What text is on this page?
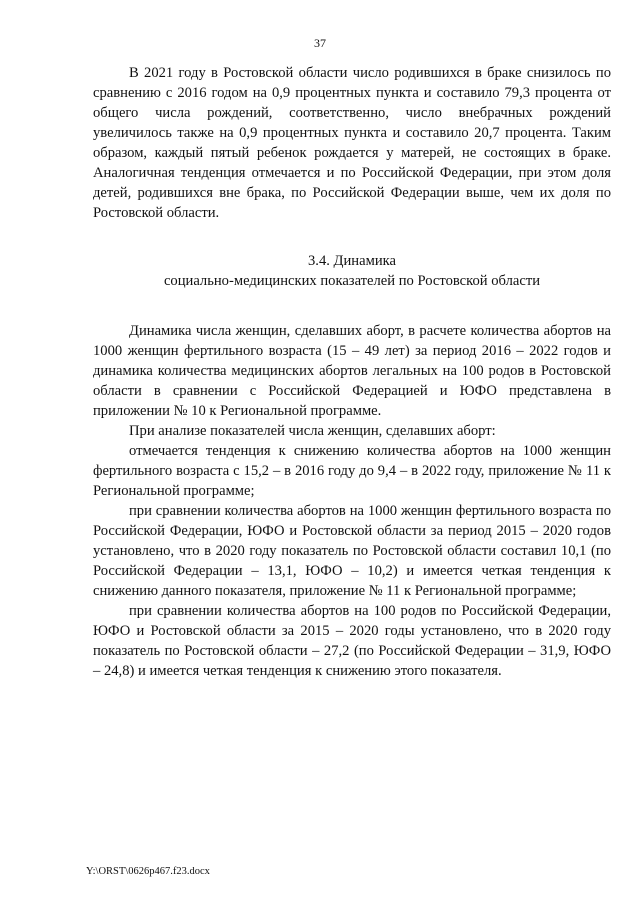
37

В 2021 году в Ростовской области число родившихся в браке снизилось по сравнению с 2016 годом на 0,9 процентных пункта и составило 79,3 процента от общего числа рождений, соответственно, число внебрачных рождений увеличилось также на 0,9 процентных пункта и составило 20,7 процента. Таким образом, каждый пятый ребенок рождается у матерей, не состоящих в браке. Аналогичная тенденция отмечается и по Российской Федерации, при этом доля детей, родившихся вне брака, по Российской Федерации выше, чем их доля по Ростовской области.

3.4. Динамика
социально-медицинских показателей по Ростовской области

Динамика числа женщин, сделавших аборт, в расчете количества абортов на 1000 женщин фертильного возраста (15 – 49 лет) за период 2016 – 2022 годов и динамика количества медицинских абортов легальных на 100 родов в Ростовской области в сравнении с Российской Федерацией и ЮФО представлена в приложении № 10 к Региональной программе.

При анализе показателей числа женщин, сделавших аборт:

отмечается тенденция к снижению количества абортов на 1000 женщин фертильного возраста с 15,2 – в 2016 году до 9,4 – в 2022 году, приложение № 11 к Региональной программе;

при сравнении количества абортов на 1000 женщин фертильного возраста по Российской Федерации, ЮФО и Ростовской области за период 2015 – 2020 годов установлено, что в 2020 году показатель по Ростовской области составил 10,1 (по Российской Федерации – 13,1, ЮФО – 10,2) и имеется четкая тенденция к снижению данного показателя, приложение № 11 к Региональной программе;

при сравнении количества абортов на 100 родов по Российской Федерации, ЮФО и Ростовской области за 2015 – 2020 годы установлено, что в 2020 году показатель по Ростовской области – 27,2 (по Российской Федерации – 31,9, ЮФО – 24,8) и имеется четкая тенденция к снижению этого показателя.

Y:\ORST\0626p467.f23.docx
